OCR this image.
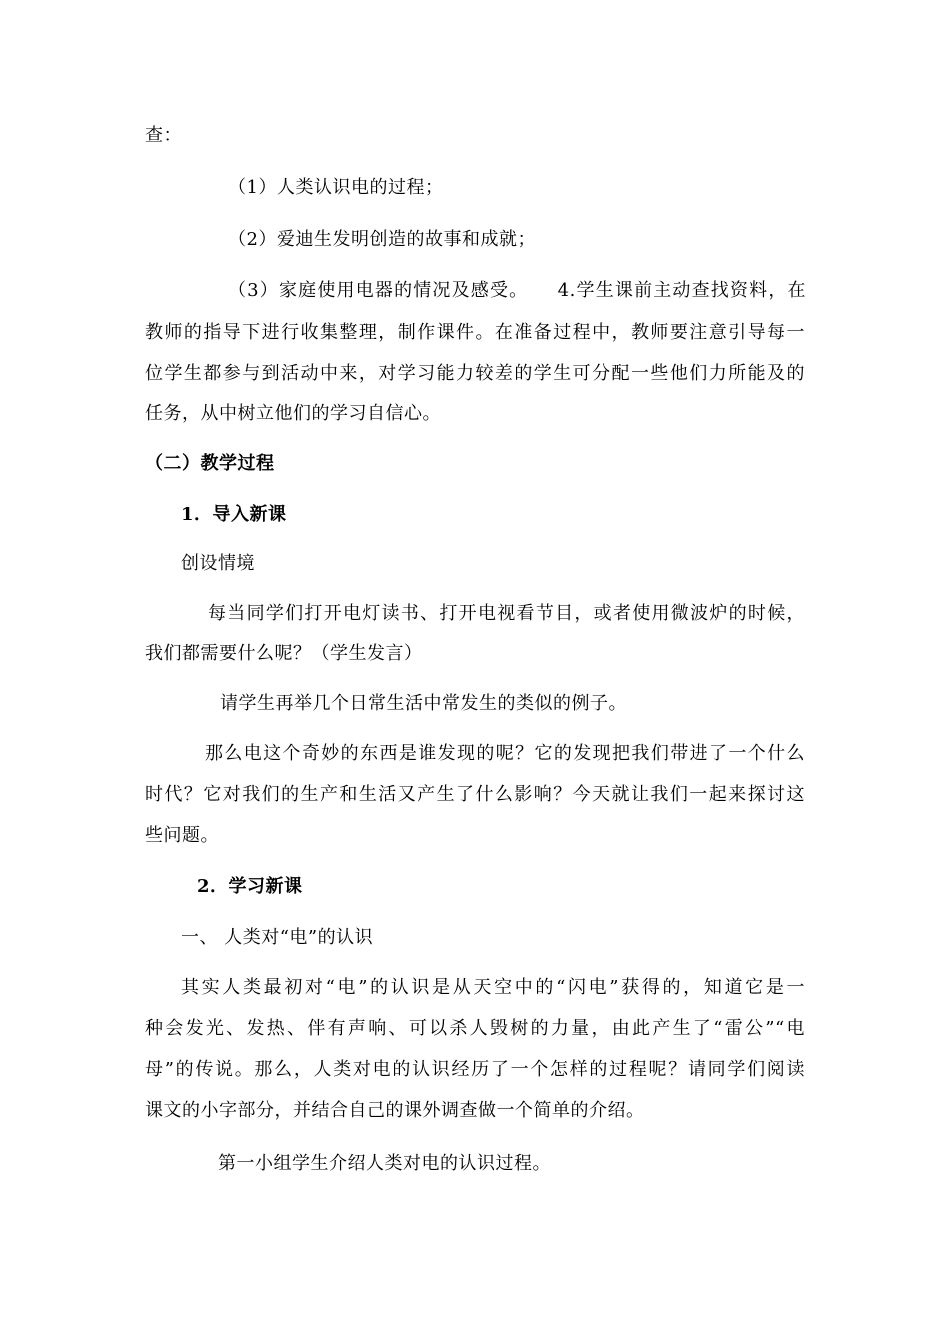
查：
（1）人类认识电的过程；
（2）爱迪生发明创造的故事和成就；
（3）家庭使用电器的情况及感受。　　4.学生课前主动查找资料，在
教师的指导下进行收集整理，制作课件。在准备过程中，教师要注意引导每一
位学生都参与到活动中来，对学习能力较差的学生可分配一些他们力所能及的
任务，从中树立他们的学习自信心。
（二）教学过程
1．导入新课
创设情境
每当同学们打开电灯读书、打开电视看节目，或者使用微波炉的时候，
我们都需要什么呢？（学生发言）
请学生再举几个日常生活中常发生的类似的例子。
那么电这个奇妙的东西是谁发现的呢？它的发现把我们带进了一个什么
时代？它对我们的生产和生活又产生了什么影响？今天就让我们一起来探讨这
些问题。
2．学习新课
一、 人类对“电”的认识
其实人类最初对“电”的认识是从天空中的“闪电”获得的，知道它是一
种会发光、发热、伴有声响、可以杀人毁树的力量，由此产生了“雷公”“电
母”的传说。那么，人类对电的认识经历了一个怎样的过程呢？请同学们阅读
课文的小字部分，并结合自己的课外调查做一个简单的介绍。
第一小组学生介绍人类对电的认识过程。
